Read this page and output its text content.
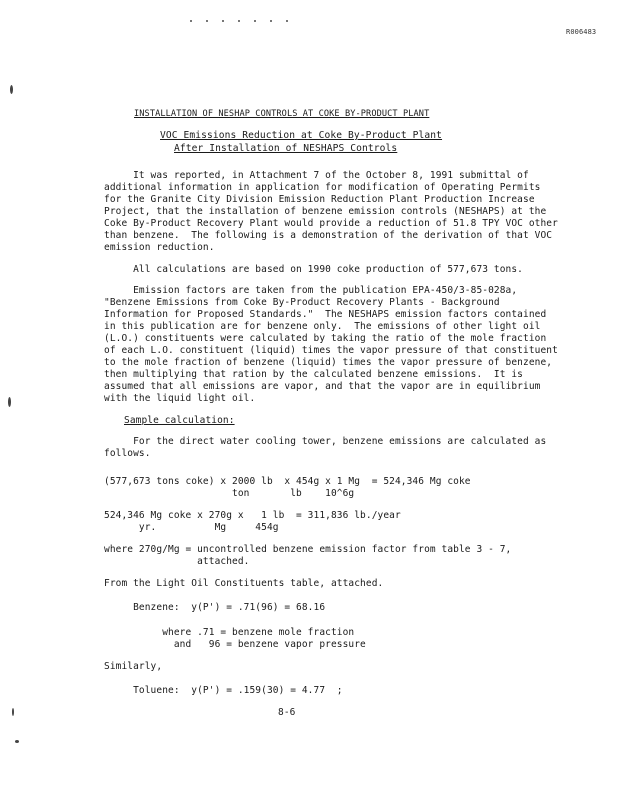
R006483
INSTALLATION OF NESHAP CONTROLS AT COKE BY-PRODUCT PLANT
VOC Emissions Reduction at Coke By-Product Plant
After Installation of NESHAPS Controls
It was reported, in Attachment 7 of the October 8, 1991 submittal of
additional information in application for modification of Operating Permits
for the Granite City Division Emission Reduction Plant Production Increase
Project, that the installation of benzene emission controls (NESHAPS) at the
Coke By-Product Recovery Plant would provide a reduction of 51.8 TPY VOC other
than benzene.  The following is a demonstration of the derivation of that VOC
emission reduction.
All calculations are based on 1990 coke production of 577,673 tons.
Emission factors are taken from the publication EPA-450/3-85-028a,
"Benzene Emissions from Coke By-Product Recovery Plants - Background
Information for Proposed Standards."  The NESHAPS emission factors contained
in this publication are for benzene only.  The emissions of other light oil
(L.O.) constituents were calculated by taking the ratio of the mole fraction
of each L.O. constituent (liquid) times the vapor pressure of that constituent
to the mole fraction of benzene (liquid) times the vapor pressure of benzene,
then multiplying that ration by the calculated benzene emissions.  It is
assumed that all emissions are vapor, and that the vapor are in equilibrium
with the liquid light oil.
Sample calculation:
For the direct water cooling tower, benzene emissions are calculated as
follows.
(577,673 tons coke) x 2000 lb  x 454g x 1 Mg  = 524,346 Mg coke
ton       lb    10^6g
524,346 Mg coke x 270g x   1 lb  = 311,836 lb./year
yr.          Mg     454g
where 270g/Mg = uncontrolled benzene emission factor from table 3 - 7,
attached.
From the Light Oil Constituents table, attached.
Benzene:  y(P') = .71(96) = 68.16
where .71 = benzene mole fraction
and   96 = benzene vapor pressure
Similarly,
Toluene:  y(P') = .159(30) = 4.77  ;
8-6
